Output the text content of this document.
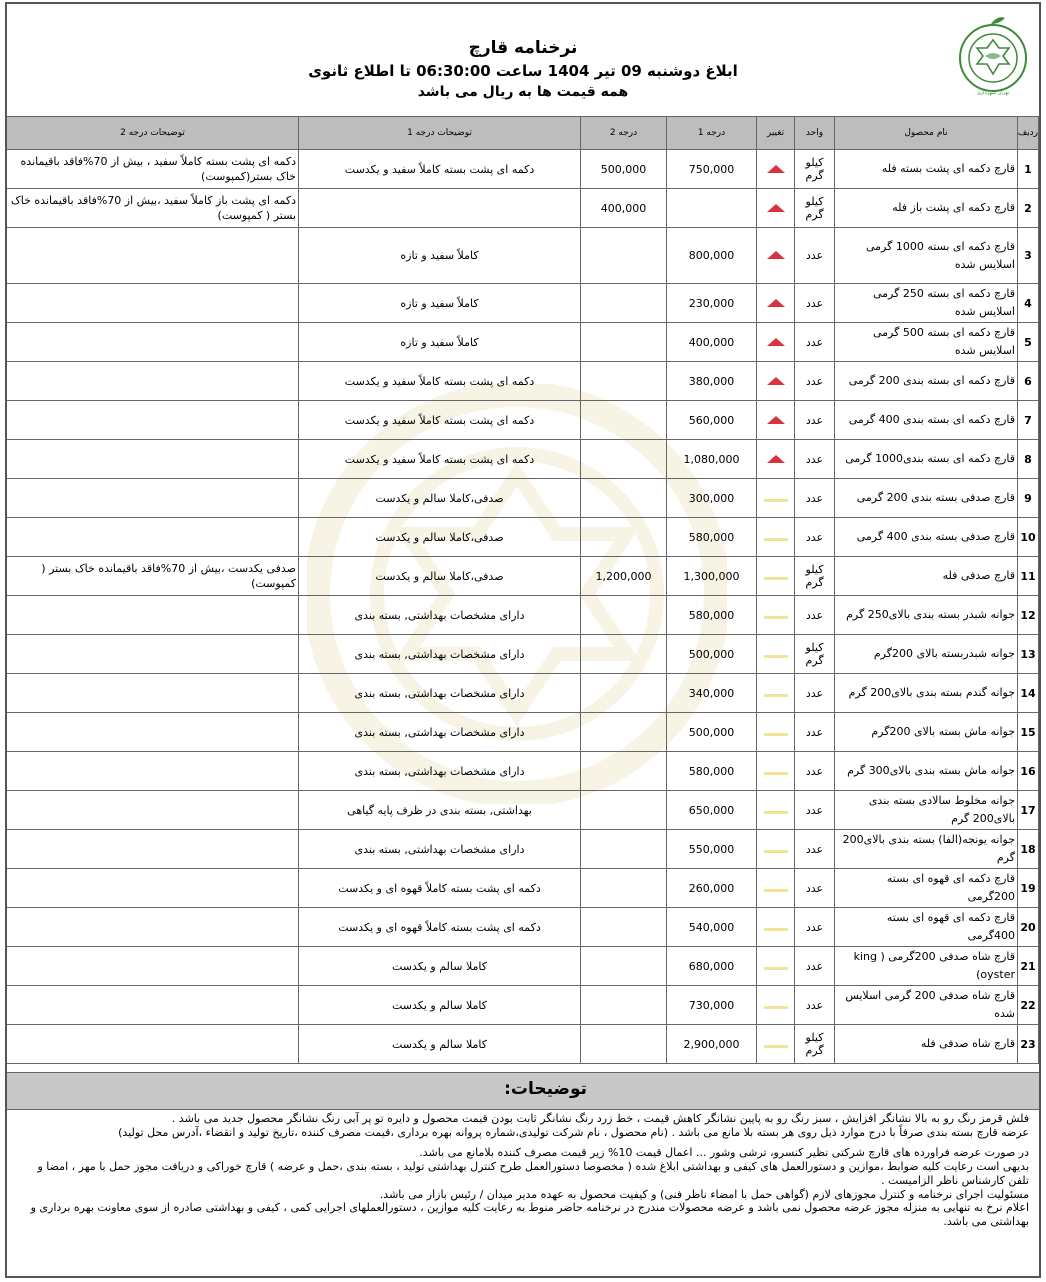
تهران شهرداری
نرخنامه قارچ
ابلاغ دوشنبه 09 تیر 1404 ساعت 06:30:00 تا اطلاع ثانوی
همه قیمت ها به ریال می باشد
ردیف	نام محصول	واحد	تغییر	درجه 1	درجه 2	توضیحات درجه 1	توضیحات درجه 2
1	قارچ دکمه ای پشت بسته فله	کیلو گرم		750,000	500,000	دکمه ای پشت بسته کاملاً سفید و یکدست	دکمه ای پشت بسته کاملاً سفید ، بیش از 70%فاقد باقیمانده خاک بستر(کمپوست)
2	قارچ دکمه ای پشت باز فله	کیلو گرم			400,000		دکمه ای پشت باز کاملاً سفید ،بیش از 70%فاقد باقیمانده خاک بستر ( کمپوست)
3	قارچ دکمه ای بسته 1000 گرمی اسلایس شده	عدد		800,000		کاملاً سفید و تازه	
4	قارچ دکمه ای بسته 250 گرمی اسلایس شده	عدد		230,000		کاملاً سفید و تازه	
5	قارچ دکمه ای بسته 500 گرمی اسلایس شده	عدد		400,000		کاملاً سفید و تازه	
6	قارچ دکمه ای بسته بندی 200 گرمی	عدد		380,000		دکمه ای پشت بسته کاملاً سفید و یکدست	
7	قارچ دکمه ای بسته بندی 400 گرمی	عدد		560,000		دکمه ای پشت بسته کاملاً سفید و یکدست	
8	قارچ دکمه ای بسته بندی1000 گرمی	عدد		1,080,000		دکمه ای پشت بسته کاملاً سفید و یکدست	
9	قارچ صدفی بسته بندی 200 گرمی	عدد		300,000		صدفی،کاملا سالم و یکدست	
10	قارچ صدفی بسته بندی 400 گرمی	عدد		580,000		صدفی،کاملا سالم و یکدست	
11	قارچ صدفی فله	کیلو گرم		1,300,000	1,200,000	صدفی،کاملا سالم و یکدست	صدفی یکدست ،بیش از 70%فاقد باقیمانده خاک بستر ( کمپوست)
12	جوانه شبدر بسته بندی بالای250 گرم	عدد		580,000		دارای مشخصات بهداشتی, بسته بندی	
13	جوانه شبدربسته بالای 200گرم	کیلو گرم		500,000		دارای مشخصات بهداشتی, بسته بندی	
14	جوانه گندم بسته بندی بالای200 گرم	عدد		340,000		دارای مشخصات بهداشتی, بسته بندی	
15	جوانه ماش بسته بالای 200گرم	عدد		500,000		دارای مشخصات بهداشتی, بسته بندی	
16	جوانه ماش بسته بندی بالای300 گرم	عدد		580,000		دارای مشخصات بهداشتی, بسته بندی	
17	جوانه مخلوط سالادی بسته بندی بالای200 گرم	عدد		650,000		بهداشتی, بسته بندی در ظرف پایه گیاهی	
18	جوانه یونجه(الفا) بسته بندی بالای200 گرم	عدد		550,000		دارای مشخصات بهداشتی, بسته بندی	
19	قارچ دکمه ای قهوه ای بسته 200گرمی	عدد		260,000		دکمه ای پشت بسته کاملاً قهوه ای و یکدست	
20	قارچ دکمه ای قهوه ای بسته 400گرمی	عدد		540,000		دکمه ای پشت بسته کاملاً قهوه ای و یکدست	
21	قارچ شاه صدفی 200گرمی ( king oyster)	عدد		680,000		کاملا سالم و یکدست	
22	قارچ شاه صدفی 200 گرمی اسلایس شده	عدد		730,000		کاملا سالم و یکدست	
23	قارچ شاه صدفی فله	کیلو گرم		2,900,000		کاملا سالم و یکدست	
توضیحات:

فلش قرمز رنگ رو به بالا نشانگر افزایش ، سبز رنگ رو به پایین نشانگر کاهش قیمت ، خط زرد رنگ نشانگر ثابت بودن قیمت محصول و دایره تو پر آبی رنگ نشانگر محصول جدید می باشد .

عرضه قارچ بسته بندی صرفاً با درج موارد ذیل روی هر بسته بلا مانع می باشد . (نام محصول ، نام شرکت تولیدی،شماره پروانه بهره برداری ،قیمت مصرف کننده ،تاریخ تولید و انقضاء ،آدرس محل تولید)

در صورت عرضه فراورده های قارچ شرکتی نظیر کنسرو، ترشی وشور ... اعمال قیمت 10% زیر قیمت مصرف کننده بلامانع می باشد.

بدیهی است رعایت کلیه ضوابط ،موازین و دستورالعمل های کیفی و بهداشتی ابلاغ شده ( مخصوصا دستورالعمل طرح کنترل بهداشتی تولید ، بسته بندی ،حمل و عرضه ) قارچ خوراکی و دریافت مجوز حمل با مهر ، امضا و تلفن کارشناس ناظر الزامیست .

مسئولیت اجرای نرخنامه و کنترل مجوزهای لازم (گواهی حمل با امضاء ناظر فنی) و کیفیت محصول به عهده مدیر میدان / رئیس بازار می باشد.

اعلام نرخ به تنهایی به منزله مجوز عرضه محصول نمی باشد و عرضه محصولات مندرج در نرخنامه حاضر منوط به رعایت کلیه موازین ، دستورالعملهای اجرایی کمی ، کیفی و بهداشتی صادره از سوی معاونت بهره برداری و بهداشتی می باشد.
